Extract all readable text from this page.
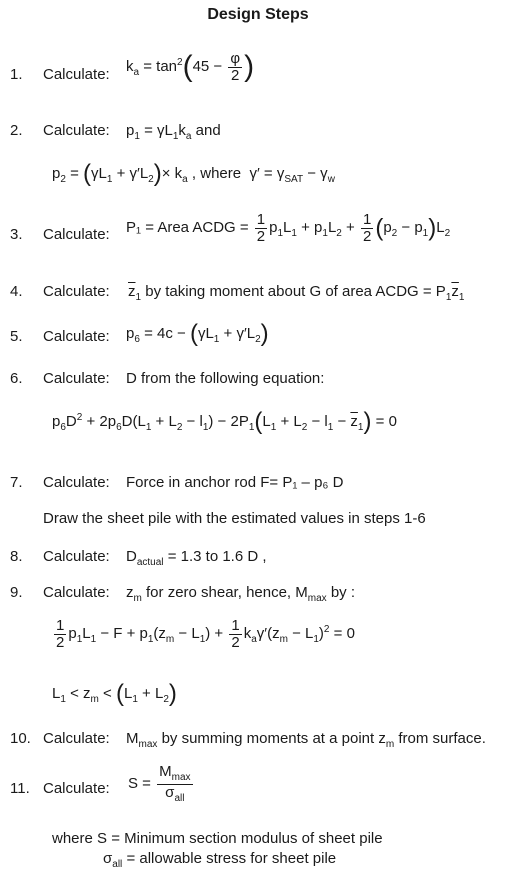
Design Steps
1. Calculate: $k_a = \tan^2(45 - \frac{\varphi}{2}$ )
2. Calculate: $p_1 = \gamma L_1k_a$ and
$p_2 = (\gamma L_1 + \gamma'L_2)\times k_a$ , where  $\gamma' = \gamma_{SAT} - \gamma_w$
3. Calculate: P₁ = Area ACDG = $\frac{1}{2} p_1L_1 + p_1L_2 + \frac{1}{2} (p_2 - p_1)L_2$
4. Calculate: $\overline{z}_1$ by taking moment about G of area ACDG = $P_1\overline{z}_1$
5. Calculate: $p_6 = 4c - (\gamma L_1 + \gamma'L_2)$
6. Calculate: D from the following equation:
$p_6D^2 + 2p_6D(L_1 + L_2 - l_1) - 2P_1(L_1 + L_2 - l_1 - \overline{z}_1) = 0$
7. Calculate: Force in anchor rod F= P₁ – p₆ D
Draw the sheet pile with the estimated values in steps 1-6
8. Calculate: $D_{actual} = 1.3$ to 1.6 D ,
9. Calculate: $z_m$ for zero shear, hence, $M_{max}$ by :
$\frac{1}{2} p_1L_1 - F + p_1(z_m - L_1) + \frac{1}{2} k_a\gamma'(z_m - L_1)^2 = 0$
$L_1 < z_m < (L_1 + L_2)$
10. Calculate: $M_{max}$ by summing moments at a point $z_m$ from surface.
11. Calculate: $S = \frac{M_{max}}{\sigma_{all}}$
where S = Minimum section modulus of sheet pile
$\sigma_{all}$ = allowable stress for sheet pile
